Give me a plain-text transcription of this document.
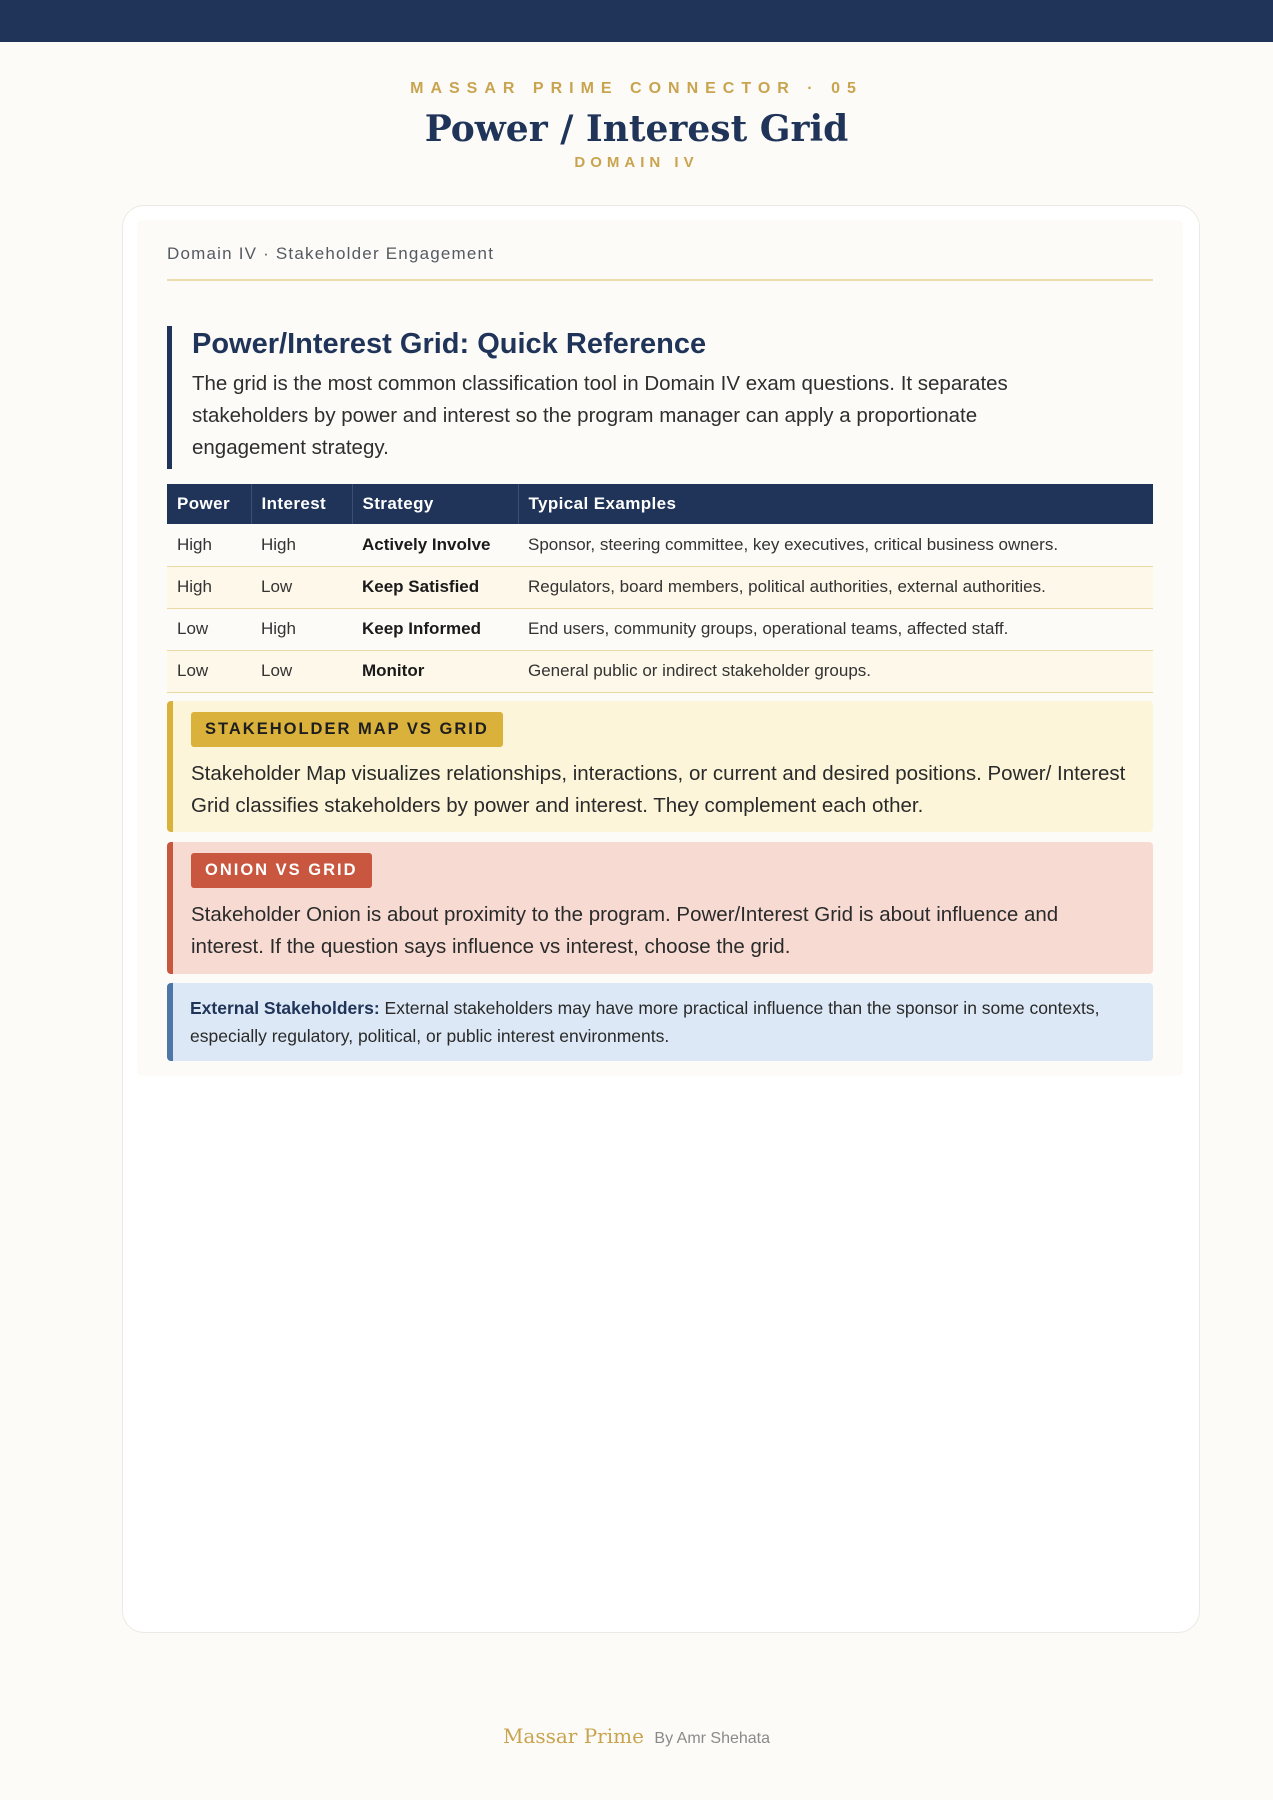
MASSAR PRIME CONNECTOR · 05
Power / Interest Grid
DOMAIN IV
Domain IV · Stakeholder Engagement
Power/Interest Grid: Quick Reference

The grid is the most common classification tool in Domain IV exam questions. It separates stakeholders by power and interest so the program manager can apply a proportionate engagement strategy.

Power	Interest	Strategy	Typical Examples
High	High	Actively Involve	Sponsor, steering committee, key executives, critical business owners.
High	Low	Keep Satisfied	Regulators, board members, political authorities, external authorities.
Low	High	Keep Informed	End users, community groups, operational teams, affected staff.
Low	Low	Monitor	General public or indirect stakeholder groups.
STAKEHOLDER MAP VS GRID

Stakeholder Map visualizes relationships, interactions, or current and desired positions. Power/ Interest Grid classifies stakeholders by power and interest. They complement each other.

ONION VS GRID

Stakeholder Onion is about proximity to the program. Power/Interest Grid is about influence and interest. If the question says influence vs interest, choose the grid.

External Stakeholders: External stakeholders may have more practical influence than the sponsor in some contexts, especially regulatory, political, or public interest environments.

Massar Prime By Amr Shehata
